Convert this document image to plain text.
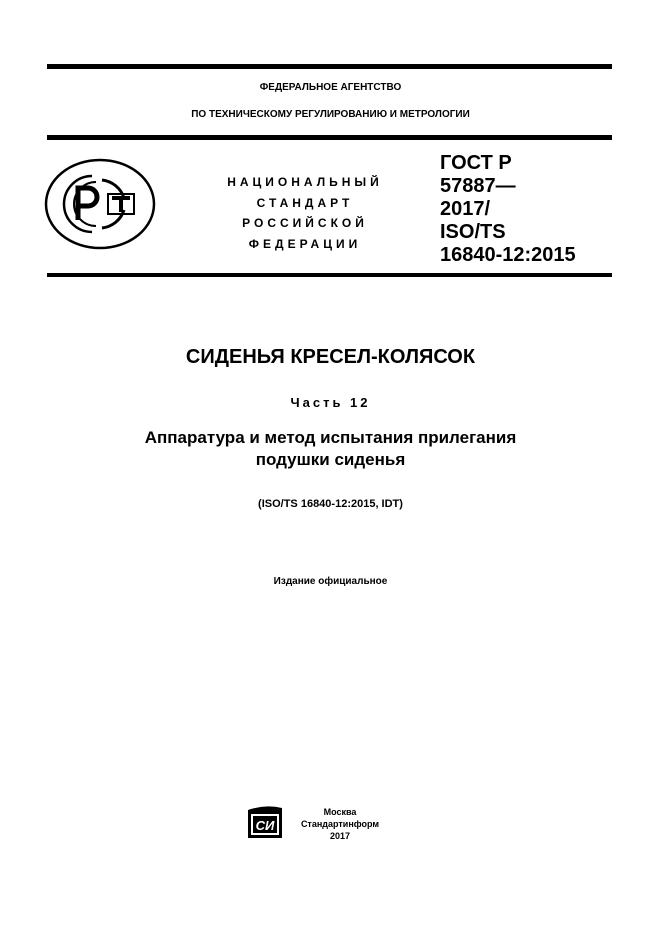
ФЕДЕРАЛЬНОЕ АГЕНТСТВО
ПО ТЕХНИЧЕСКОМУ РЕГУЛИРОВАНИЮ И МЕТРОЛОГИИ
НАЦИОНАЛЬНЫЙ
СТАНДАРТ
РОССИЙСКОЙ
ФЕДЕРАЦИИ
ГОСТ Р
57887—
2017/
ISO/TS
16840-12:2015
СИДЕНЬЯ КРЕСЕЛ-КОЛЯСОК
Часть 12
Аппаратура и метод испытания прилегания
подушки сиденья
(ISO/TS 16840-12:2015, IDT)
Издание официальное
СИ
Москва
Стандартинформ
2017
